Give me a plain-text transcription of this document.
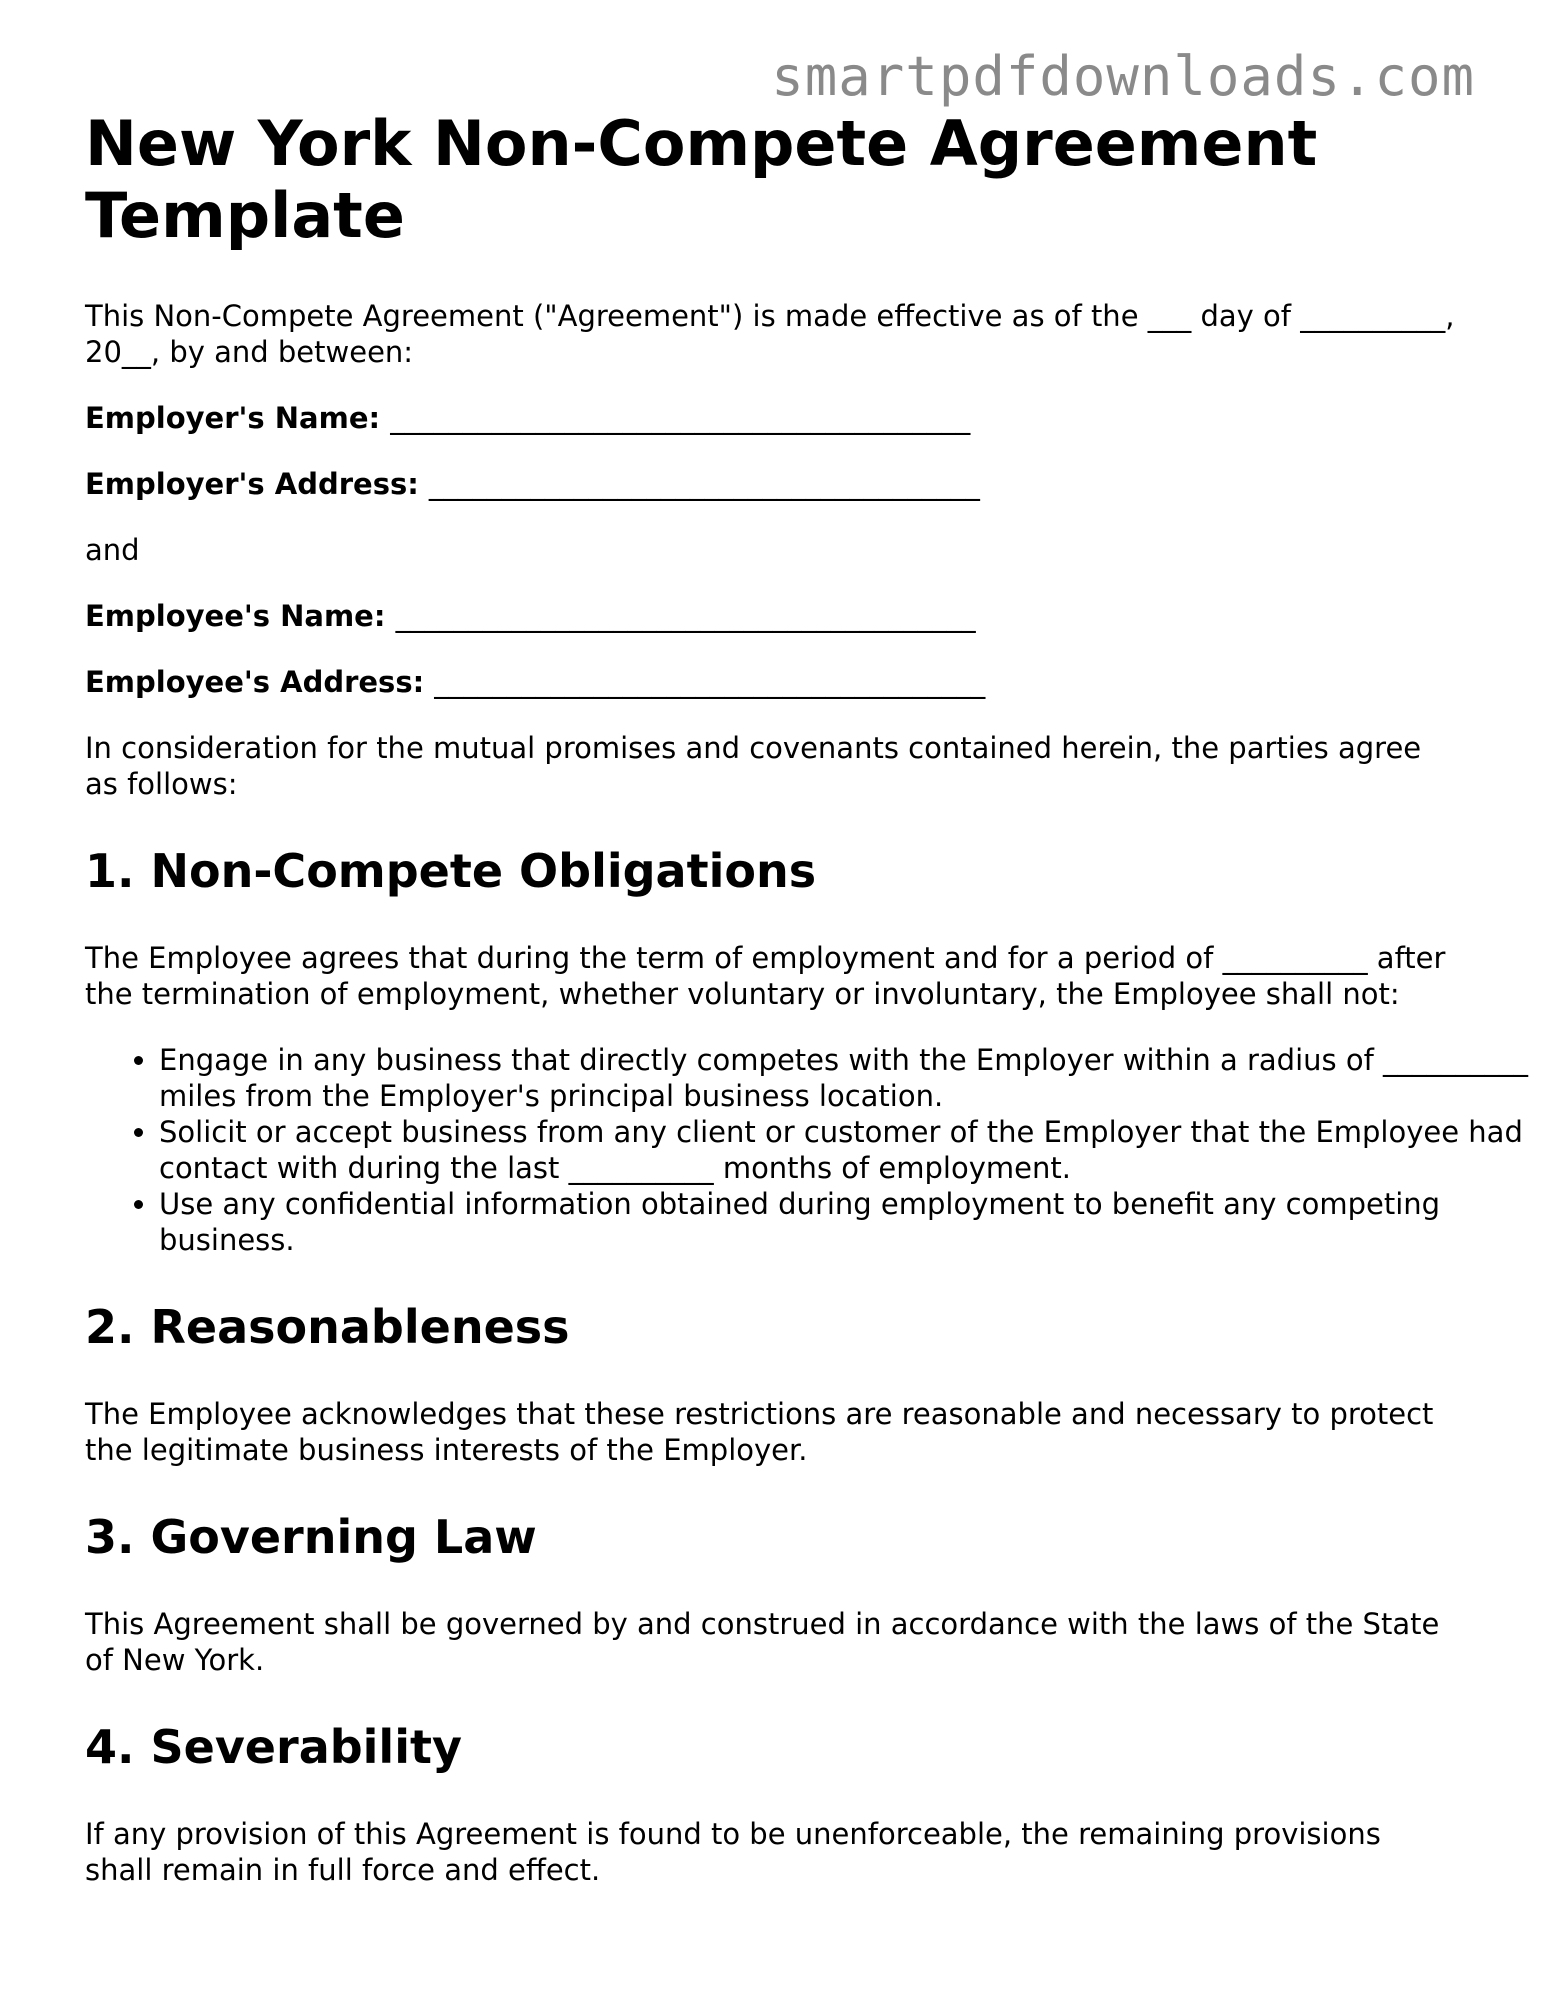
smartpdfdownloads.com
New York Non-Compete Agreement Template

This Non-Compete Agreement ("Agreement") is made effective as of the ___ day of __________, 20__, by and between:

Employer's Name: ________________________________________

Employer's Address: ______________________________________

and

Employee's Name: ________________________________________

Employee's Address: ______________________________________

In consideration for the mutual promises and covenants contained herein, the parties agree as follows:

1. Non-Compete Obligations

The Employee agrees that during the term of employment and for a period of __________ after the termination of employment, whether voluntary or involuntary, the Employee shall not:

• Engage in any business that directly competes with the Employer within a radius of __________ miles from the Employer's principal business location.
• Solicit or accept business from any client or customer of the Employer that the Employee had contact with during the last __________ months of employment.
• Use any confidential information obtained during employment to benefit any competing business.
2. Reasonableness

The Employee acknowledges that these restrictions are reasonable and necessary to protect the legitimate business interests of the Employer.

3. Governing Law

This Agreement shall be governed by and construed in accordance with the laws of the State of New York.

4. Severability

If any provision of this Agreement is found to be unenforceable, the remaining provisions shall remain in full force and effect.
